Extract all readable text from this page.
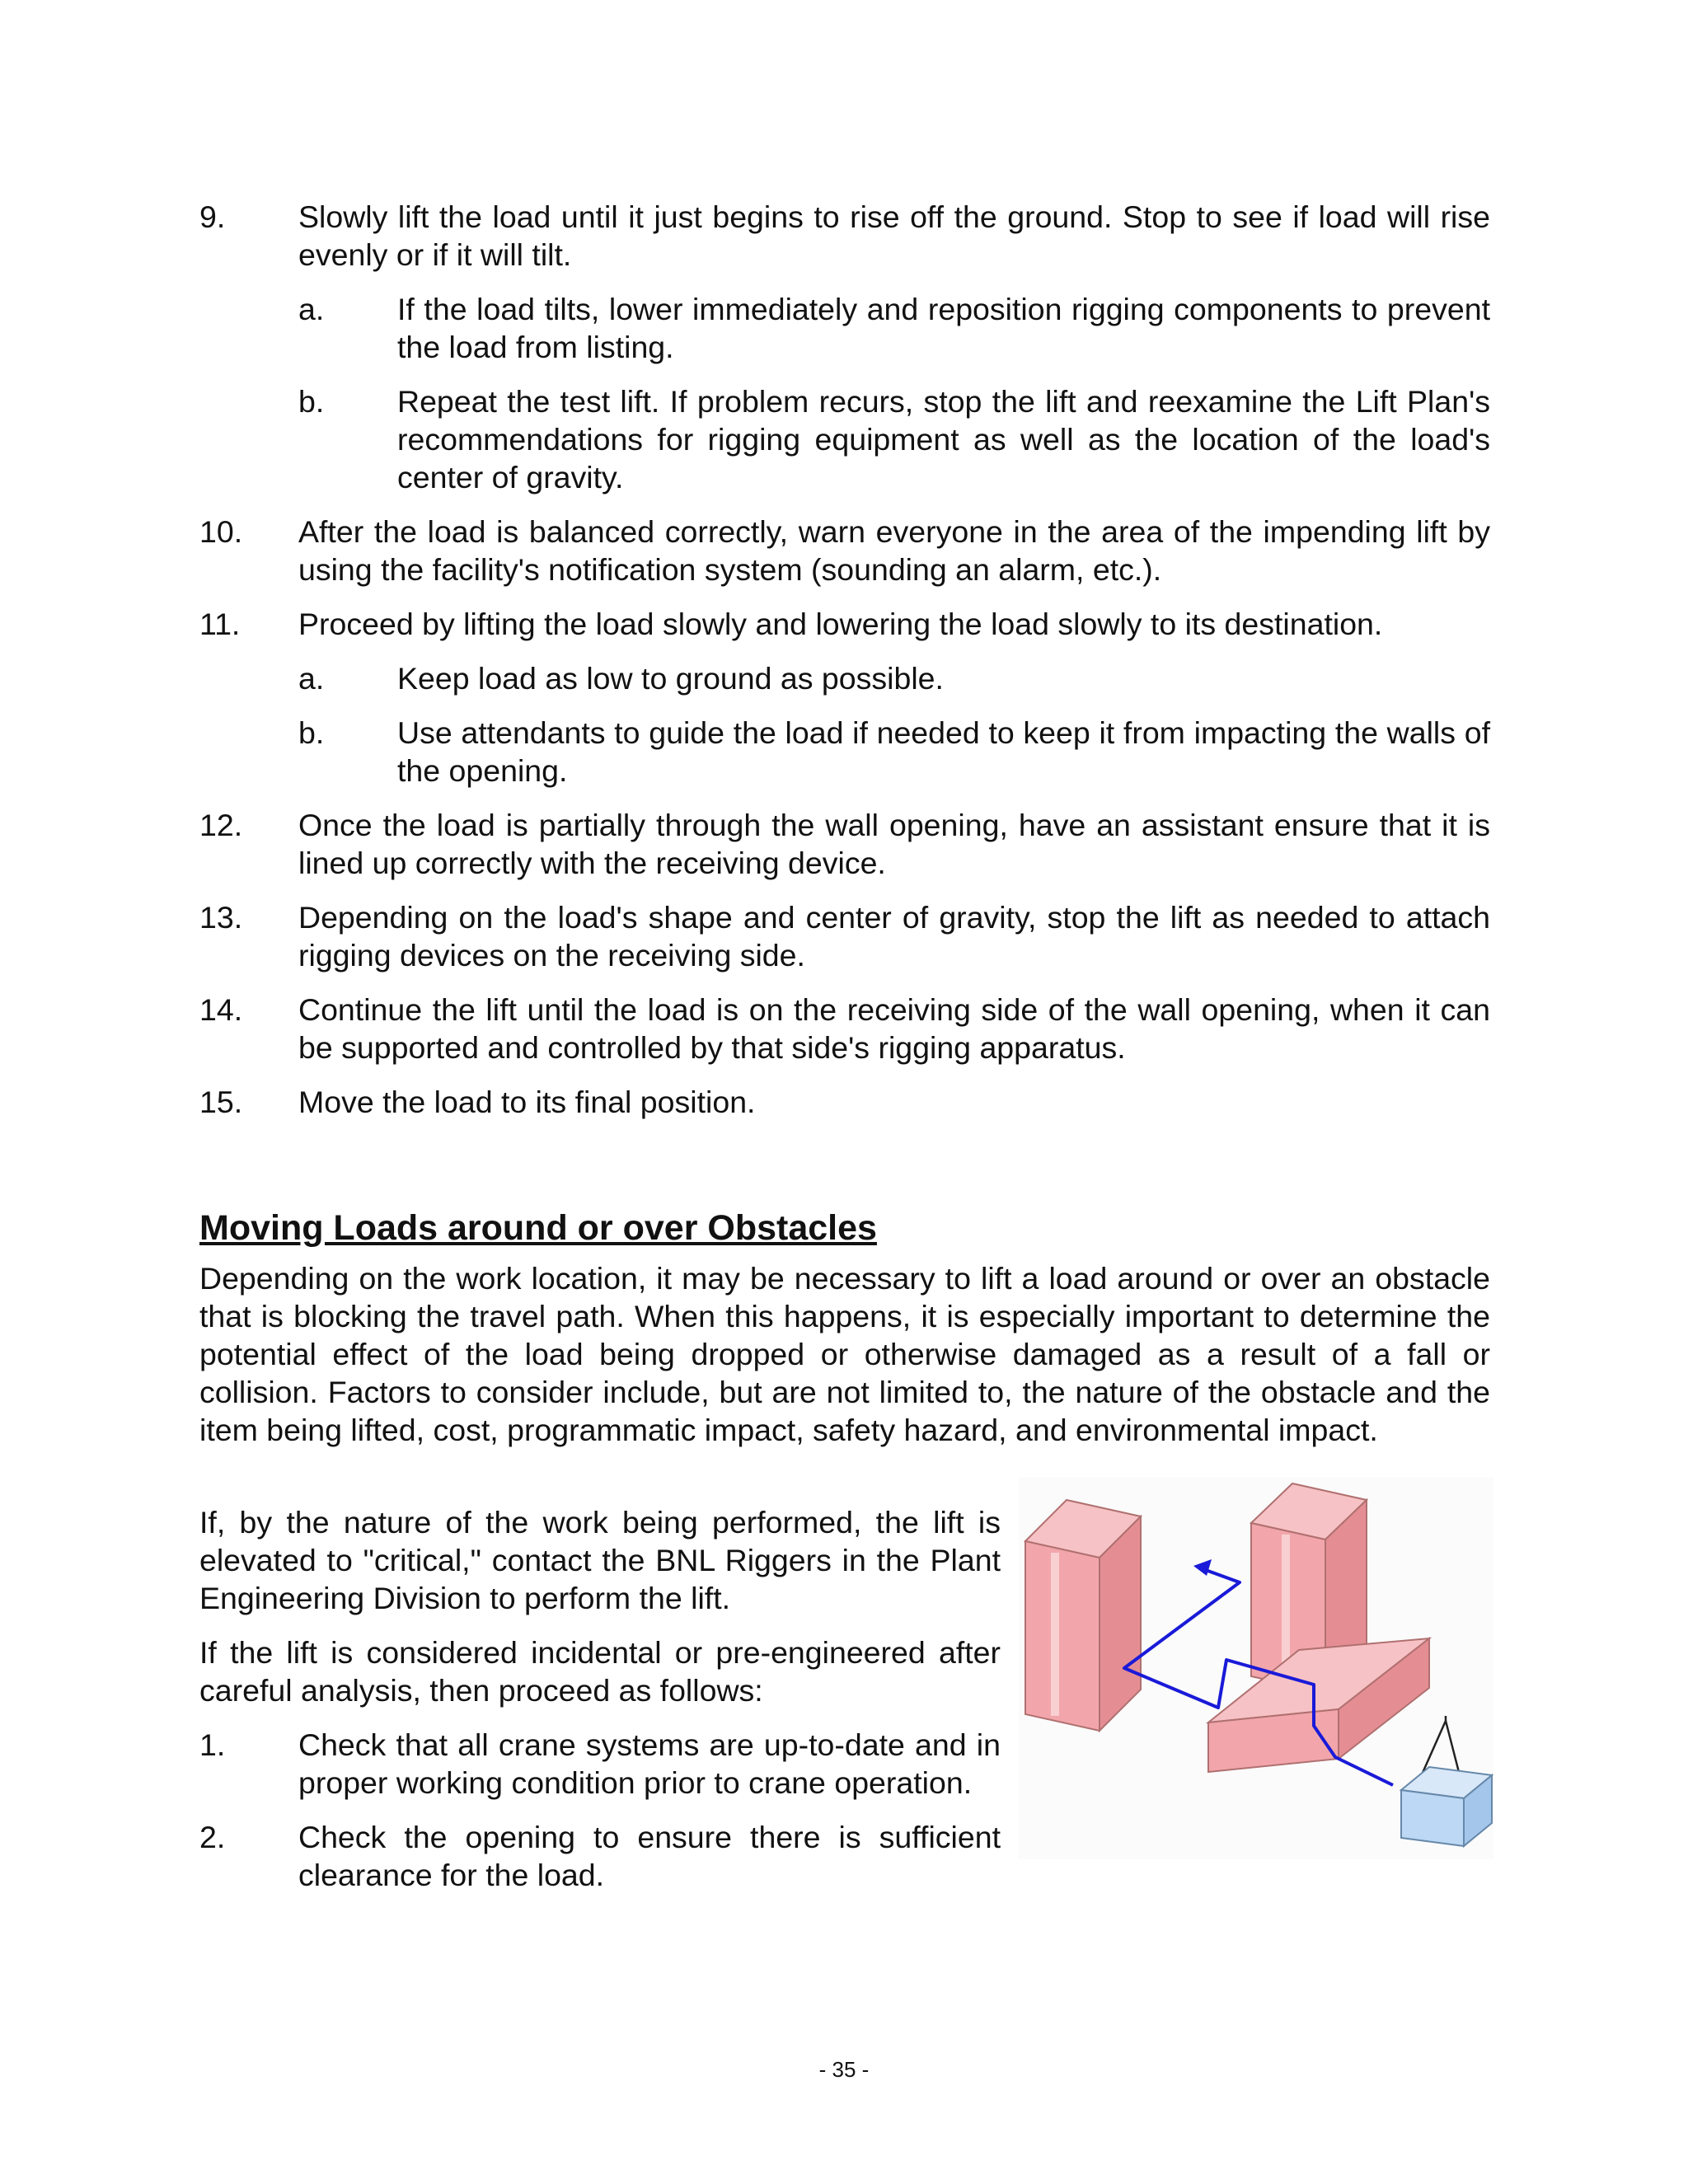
9.	Slowly lift the load until it just begins to rise off the ground. Stop to see if load will rise evenly or if it will tilt.
a.	If the load tilts, lower immediately and reposition rigging components to prevent the load from listing.
b.	Repeat the test lift. If problem recurs, stop the lift and reexamine the Lift Plan's recommendations for rigging equipment as well as the location of the load's center of gravity.
10.	After the load is balanced correctly, warn everyone in the area of the impending lift by using the facility's notification system (sounding an alarm, etc.).
11.	Proceed by lifting the load slowly and lowering the load slowly to its destination.
a.	Keep load as low to ground as possible.
b.	Use attendants to guide the load if needed to keep it from impacting the walls of the opening.
12.	Once the load is partially through the wall opening, have an assistant ensure that it is lined up correctly with the receiving device.
13.	Depending on the load's shape and center of gravity, stop the lift as needed to attach rigging devices on the receiving side.
14.	Continue the lift until the load is on the receiving side of the wall opening, when it can be supported and controlled by that side's rigging apparatus.
15.	Move the load to its final position.
Moving Loads around or over Obstacles

Depending on the work location, it may be necessary to lift a load around or over an obstacle that is blocking the travel path. When this happens, it is especially important to determine the potential effect of the load being dropped or otherwise damaged as a result of a fall or collision. Factors to consider include, but are not limited to, the nature of the obstacle and the item being lifted, cost, programmatic impact, safety hazard, and environmental impact.

If, by the nature of the work being performed, the lift is elevated to "critical," contact the BNL Riggers in the Plant Engineering Division to perform the lift.

If the lift is considered incidental or pre-engineered after careful analysis, then proceed as follows:

1.	Check that all crane systems are up-to-date and in proper working condition prior to crane operation.
2.	Check the opening to ensure there is sufficient clearance for the load.
- 35 -
